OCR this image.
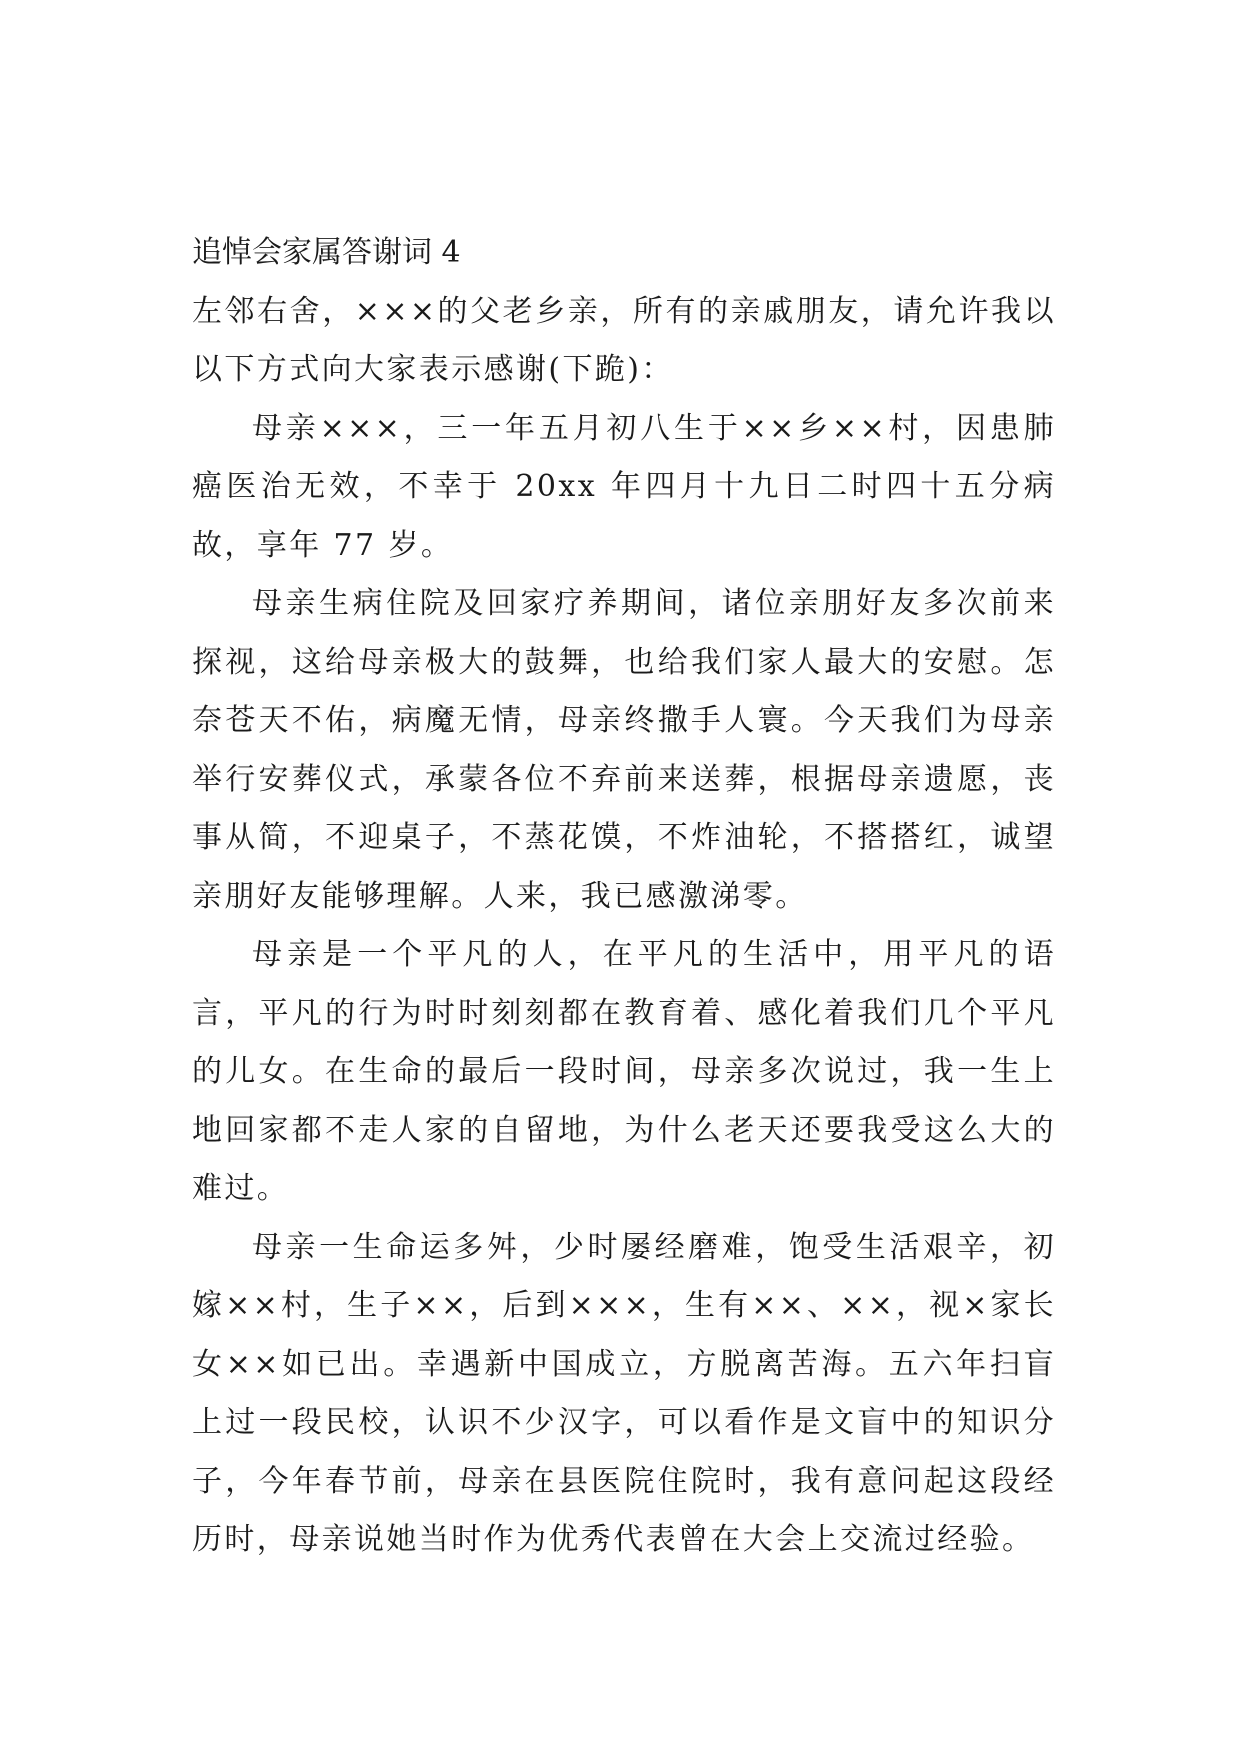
追悼会家属答谢词 4

左邻右舍，×××的父老乡亲，所有的亲戚朋友，请允许我以以下方式向大家表示感谢(下跪)：

母亲×××，三一年五月初八生于××乡××村，因患肺癌医治无效，不幸于 20xx 年四月十九日二时四十五分病故，享年 77 岁。

母亲生病住院及回家疗养期间，诸位亲朋好友多次前来探视，这给母亲极大的鼓舞，也给我们家人最大的安慰。怎奈苍天不佑，病魔无情，母亲终撒手人寰。今天我们为母亲举行安葬仪式，承蒙各位不弃前来送葬，根据母亲遗愿，丧事从简，不迎桌子，不蒸花馍，不炸油轮，不搭搭红，诚望亲朋好友能够理解。人来，我已感激涕零。

母亲是一个平凡的人，在平凡的生活中，用平凡的语言，平凡的行为时时刻刻都在教育着、感化着我们几个平凡的儿女。在生命的最后一段时间，母亲多次说过，我一生上地回家都不走人家的自留地，为什么老天还要我受这么大的难过。

母亲一生命运多舛，少时屡经磨难，饱受生活艰辛，初嫁××村，生子××，后到×××，生有××、××，视×家长女××如已出。幸遇新中国成立，方脱离苦海。五六年扫盲上过一段民校，认识不少汉字，可以看作是文盲中的知识分子，今年春节前，母亲在县医院住院时，我有意问起这段经历时，母亲说她当时作为优秀代表曾在大会上交流过经验。
